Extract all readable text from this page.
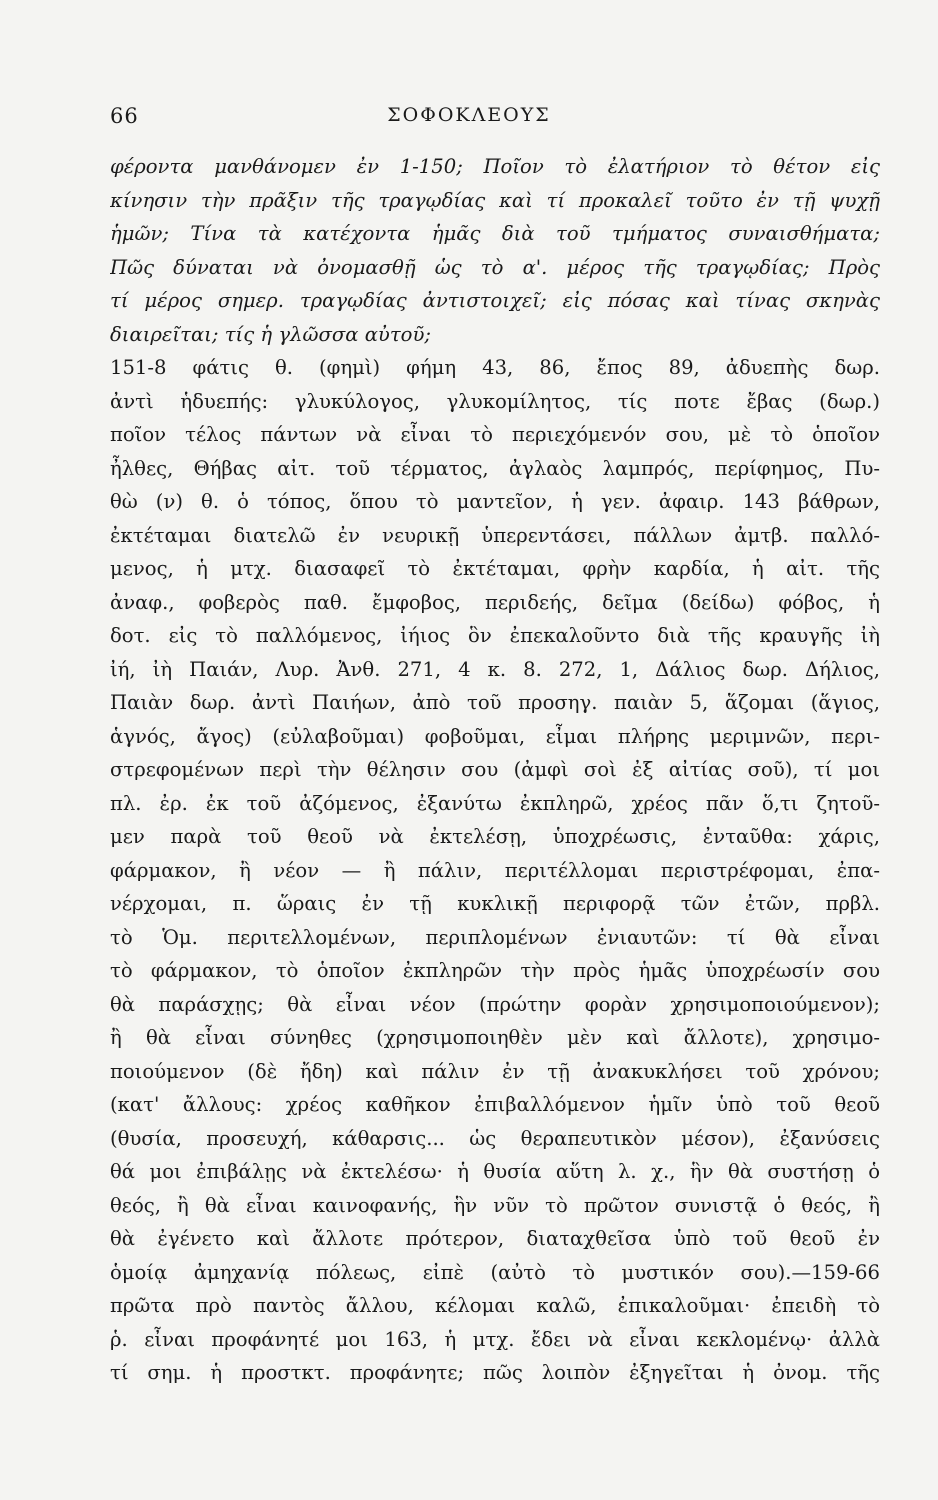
66	ΣΟΦΟΚΛΕΟΥΣ
φέροντα μανθάνομεν ἐν 1-150; Ποῖον τὸ ἐλατήριον τὸ θέτον εἰς
κίνησιν τὴν πρᾶξιν τῆς τραγῳδίας καὶ τί προκαλεῖ τοῦτο ἐν τῇ ψυχῇ
ἡμῶν; Τίνα τὰ κατέχοντα ἡμᾶς διὰ τοῦ τμήματος συναισθήματα;
Πῶς δύναται νὰ ὀνομασθῇ ὡς τὸ α'. μέρος τῆς τραγῳδίας; Πρὸς
τί μέρος σημερ. τραγῳδίας ἀντιστοιχεῖ; εἰς πόσας καὶ τίνας σκηνὰς
διαιρεῖται; τίς ἡ γλῶσσα αὐτοῦ;
151-8 φάτις θ. (φημὶ) φήμη 43, 86, ἔπος 89, ἀδυεπὴς δωρ.
ἀντὶ ἡδυεπής: γλυκύλογος, γλυκομίλητος, τίς ποτε ἔβας (δωρ.)
ποῖον τέλος πάντων νὰ εἶναι τὸ περιεχόμενόν σου, μὲ τὸ ὁποῖον
ἦλθες, Θήβας αἰτ. τοῦ τέρματος, ἀγλαὸς λαμπρός, περίφημος, Πυ-
θὼ (ν) θ. ὁ τόπος, ὅπου τὸ μαντεῖον, ἡ γεν. ἀφαιρ. 143 βάθρων,
ἐκτέταμαι διατελῶ ἐν νευρικῇ ὑπερεντάσει, πάλλων ἀμτβ. παλλό-
μενος, ἡ μτχ. διασαφεῖ τὸ ἐκτέταμαι, φρὴν καρδία, ἡ αἰτ. τῆς
ἀναφ., φοβερὸς παθ. ἔμφοβος, περιδεής, δεῖμα (δείδω) φόβος, ἡ
δοτ. εἰς τὸ παλλόμενος, ἰήιος ὃν ἐπεκαλοῦντο διὰ τῆς κραυγῆς ἰὴ
ἰή, ἰὴ Παιάν, Λυρ. Ἀνθ. 271, 4 κ. 8. 272, 1, Δάλιος δωρ. Δήλιος,
Παιὰν δωρ. ἀντὶ Παιήων, ἀπὸ τοῦ προσηγ. παιὰν 5, ἅζομαι (ἅγιος,
ἁγνός, ἄγος) (εὐλαβοῦμαι) φοβοῦμαι, εἶμαι πλήρης μεριμνῶν, περι-
στρεφομένων περὶ τὴν θέλησιν σου (ἀμφὶ σοὶ ἐξ αἰτίας σοῦ), τί μοι
πλ. ἐρ. ἐκ τοῦ ἀζόμενος, ἐξανύτω ἐκπληρῶ, χρέος πᾶν ὅ,τι ζητοῦ-
μεν παρὰ τοῦ θεοῦ νὰ ἐκτελέσῃ, ὑποχρέωσις, ἐνταῦθα: χάρις,
φάρμακον, ἢ νέον — ἢ πάλιν, περιτέλλομαι περιστρέφομαι, ἐπα-
νέρχομαι, π. ὥραις ἐν τῇ κυκλικῇ περιφορᾷ τῶν ἐτῶν, πρβλ.
τὸ Ὁμ. περιτελλομένων, περιπλομένων ἐνιαυτῶν: τί θὰ εἶναι
τὸ φάρμακον, τὸ ὁποῖον ἐκπληρῶν τὴν πρὸς ἡμᾶς ὑποχρέωσίν σου
θὰ παράσχῃς; θὰ εἶναι νέον (πρώτην φορὰν χρησιμοποιούμενον);
ἢ θὰ εἶναι σύνηθες (χρησιμοποιηθὲν μὲν καὶ ἄλλοτε), χρησιμο-
ποιούμενον (δὲ ἤδη) καὶ πάλιν ἐν τῇ ἀνακυκλήσει τοῦ χρόνου;
(κατ' ἄλλους: χρέος καθῆκον ἐπιβαλλόμενον ἡμῖν ὑπὸ τοῦ θεοῦ
(θυσία, προσευχή, κάθαρσις... ὡς θεραπευτικὸν μέσον), ἐξανύσεις
θά μοι ἐπιβάλῃς νὰ ἐκτελέσω· ἡ θυσία αὕτη λ. χ., ἣν θὰ συστήσῃ ὁ
θεός, ἢ θὰ εἶναι καινοφανής, ἣν νῦν τὸ πρῶτον συνιστᾷ ὁ θεός, ἢ
θὰ ἐγένετο καὶ ἄλλοτε πρότερον, διαταχθεῖσα ὑπὸ τοῦ θεοῦ ἐν
ὁμοίᾳ ἀμηχανίᾳ πόλεως, εἰπὲ (αὐτὸ τὸ μυστικόν σου).—159-66
πρῶτα πρὸ παντὸς ἄλλου, κέλομαι καλῶ, ἐπικαλοῦμαι· ἐπειδὴ τὸ
ῥ. εἶναι προφάνητέ μοι 163, ἡ μτχ. ἔδει νὰ εἶναι κεκλομένῳ· ἀλλὰ
τί σημ. ἡ προστκτ. προφάνητε; πῶς λοιπὸν ἐξηγεῖται ἡ ὀνομ. τῆς
